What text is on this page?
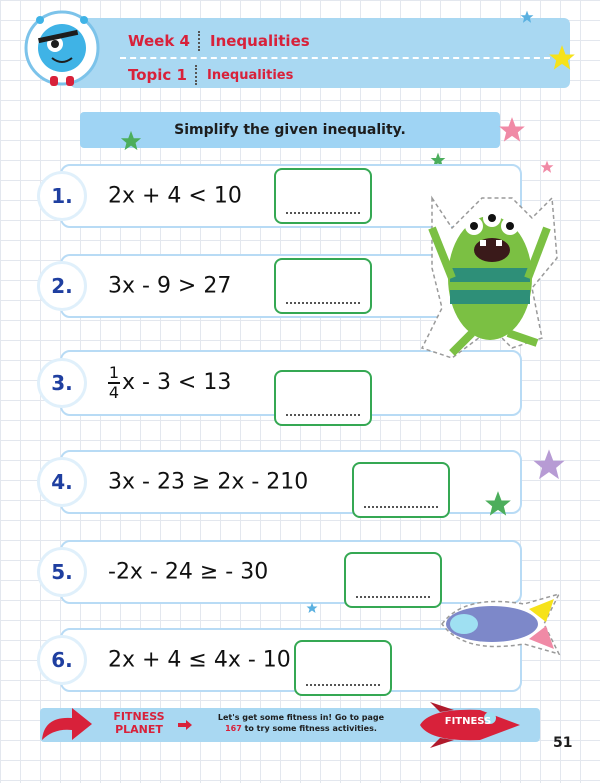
Week 4 Inequalities
Topic 1 Inequalities
Simplify the given inequality.
1.	2x + 4 < 10
2.	3x - 9 > 27
3.	$\frac{1}{4}$ x - 3 < 13
4.	3x - 23 ≥ 2x - 210
5.	-2x - 24 ≥ - 30
6.	2x + 4 ≤ 4x - 10
FITNESS
PLANET
Let's get some fitness in! Go to page
167 to try some fitness activities.
FITNESS
51
